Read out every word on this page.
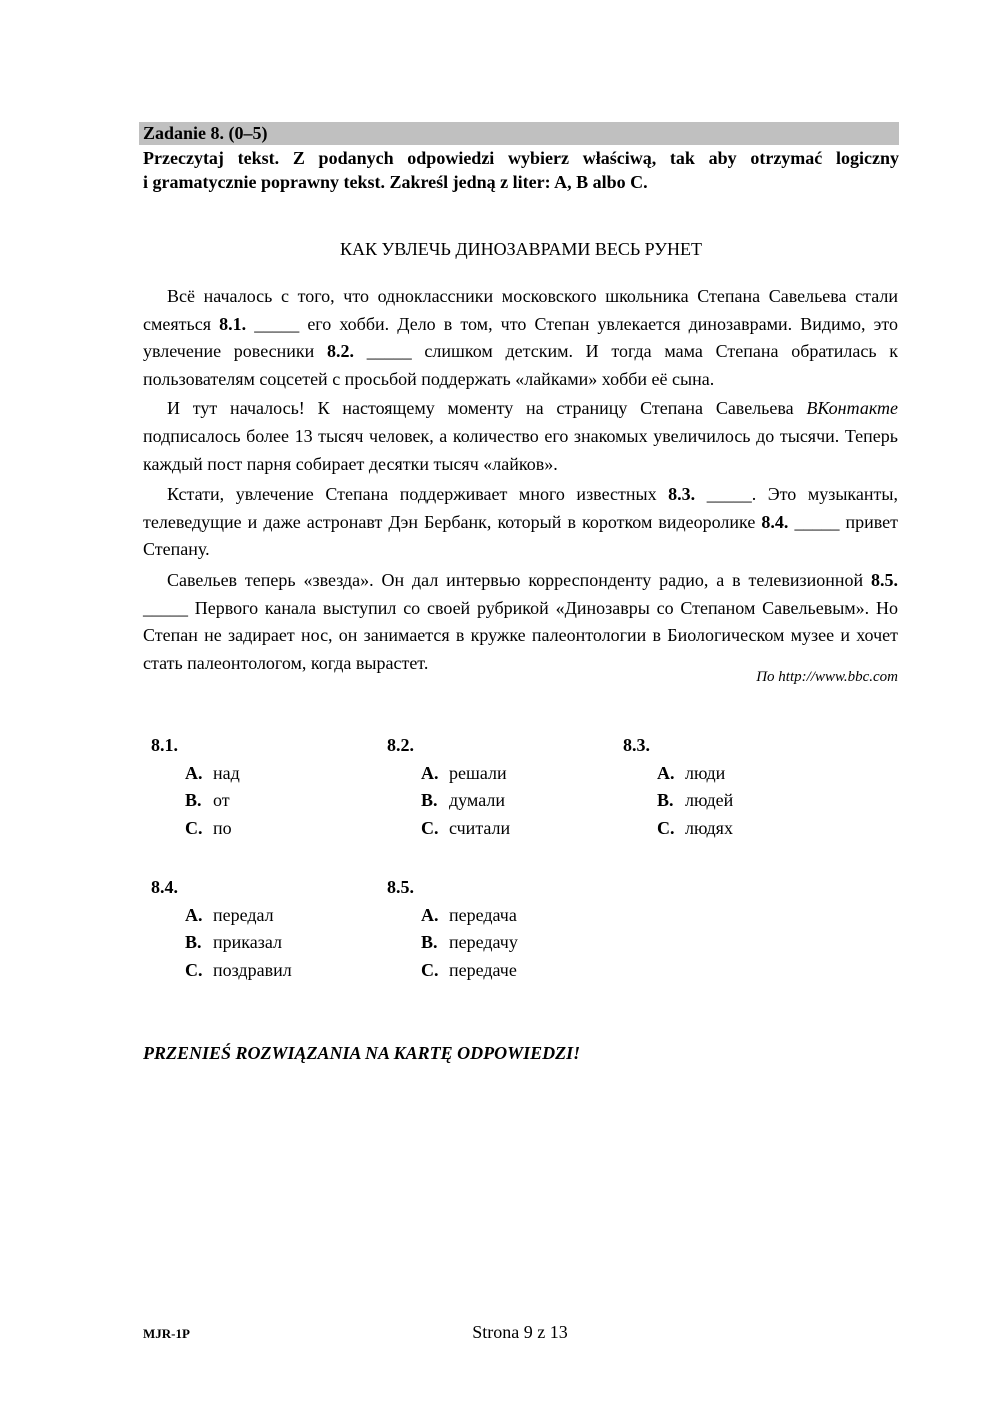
Zadanie 8. (0–5)
Przeczytaj tekst. Z podanych odpowiedzi wybierz właściwą, tak aby otrzymać logiczny
i gramatycznie poprawny tekst. Zakreśl jedną z liter: A, B albo C.
КАК УВЛЕЧЬ ДИНОЗАВРАМИ ВЕСЬ РУНЕТ

Всё началось с того, что одноклассники московского школьника Степана Савельева стали смеяться 8.1. _____ его хобби. Дело в том, что Степан увлекается динозаврами. Видимо, это увлечение ровесники 8.2. _____ слишком детским. И тогда мама Степана обратилась к пользователям соцсетей с просьбой поддержать «лайками» хобби её сына.

И тут началось! К настоящему моменту на страницу Степана Савельева ВКонтакте подписалось более 13 тысяч человек, а количество его знакомых увеличилось до тысячи. Теперь каждый пост парня собирает десятки тысяч «лайков».

Кстати, увлечение Степана поддерживает много известных 8.3. _____. Это музыканты, телеведущие и даже астронавт Дэн Бербанк, который в коротком видеоролике 8.4. _____ привет Степану.

Савельев теперь «звезда». Он дал интервью корреспонденту радио, а в телевизионной 8.5. _____ Первого канала выступил со своей рубрикой «Динозавры со Степаном Савельевым». Но Степан не задирает нос, он занимается в кружке палеонтологии в Биологическом музее и хочет стать палеонтологом, когда вырастет.

По http://www.bbc.com
8.1.
A. над
B. от
C. по
8.2.
A. решали
B. думали
C. считали
8.3.
A. люди
B. людей
C. людях
8.4.
A. передал
B. приказал
C. поздравил
8.5.
A. передача
B. передачу
C. передаче
PRZENIEŚ ROZWIĄZANIA NA KARTĘ ODPOWIEDZI!
MJR-1P	Strona 9 z 13
